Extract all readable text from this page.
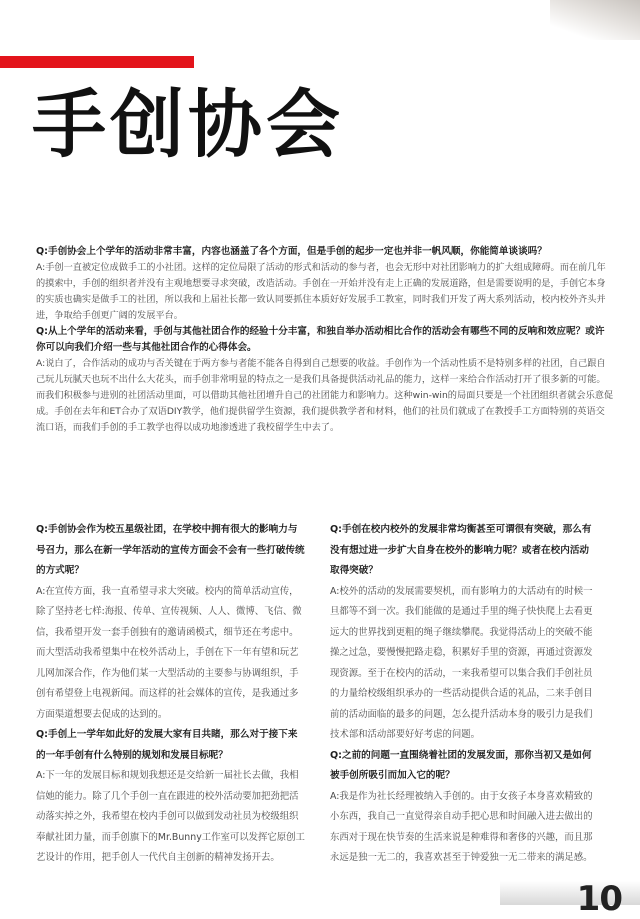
手创协会
Q:手创协会上个学年的活动非常丰富，内容也涵盖了各个方面，但是手创的起步一定也并非一帆风顺，你能简单谈谈吗？
A:手创一直被定位成做手工的小社团。这样的定位局限了活动的形式和活动的参与者，也会无形中对社团影响力的扩大组成障碍。而在前几年的摸索中，手创的组织者并没有主观地想要寻求突破，改造活动。手创在一开始并没有走上正确的发展道路，但是需要说明的是，手创它本身的实质也确实是做手工的社团，所以我和上届社长都一致认同要抓住本质好好发展手工教室，同时我们开发了两大系列活动，校内校外齐头并进，争取给手创更广阔的发展平台。
Q:从上个学年的活动来看，手创与其他社团合作的经验十分丰富，和独自举办活动相比合作的活动会有哪些不同的反响和效应呢？或许你可以向我们介绍一些与其他社团合作的心得体会。
A:说白了，合作活动的成功与否关键在于两方参与者能不能各自得到自己想要的收益。手创作为一个活动性质不是特别多样的社团，自己跟自己玩儿玩腻天也玩不出什么大花头，而手创非常明显的特点之一是我们具备提供活动礼品的能力，这样一来给合作活动打开了很多新的可能。而我们积极参与进别的社团活动里面，可以借助其他社团增升自己的社团能力和影响力。这种win-win的局面只要是一个社团组织者就会乐意促成。手创在去年和ET合办了双语DIY教学，他们提供留学生资源，我们提供教学者和材料，他们的社员们就成了在教授手工方面特别的英语交流口语，而我们手创的手工教学也得以成功地渗透进了我校留学生中去了。
Q:手创协会作为校五星级社团，在学校中拥有很大的影响力与号召力，那么在新一学年活动的宣传方面会不会有一些打破传统的方式呢？
A:在宣传方面，我一直希望寻求大突破。校内的简单活动宣传，除了坚持老七样:海报、传单、宣传视频、人人、微博、飞信、微信，我希望开发一套手创独有的邀请函模式，细节还在考虑中。而大型活动我希望集中在校外活动上，手创在下一年有望和玩艺儿网加深合作，作为他们某一大型活动的主要参与协调组织，手创有希望登上电视新闻。而这样的社会媒体的宣传，是我通过多方面渠道想要去促成的达到的。
Q:手创上一学年如此好的发展大家有目共睹，那么对于接下来的一年手创有什么特别的规划和发展目标呢？
A:下一年的发展目标和规划我想还是交给新一届社长去做，我相信她的能力。除了几个手创一直在跟进的校外活动要加把劲把活动落实掉之外，我希望在校内手创可以做到发动社员为校级组织奉献社团力量，而手创旗下的Mr.Bunny工作室可以发挥它原创工艺设计的作用，把手创人一代代自主创新的精神发扬开去。
Q:手创在校内校外的发展非常均衡甚至可谓很有突破，那么有没有想过进一步扩大自身在校外的影响力呢？或者在校内活动取得突破？
A:校外的活动的发展需要契机，而有影响力的大活动有的时候一旦都等不到一次。我们能做的是通过手里的绳子快快爬上去看更远大的世界找到更粗的绳子继续攀爬。我觉得活动上的突破不能操之过急，要慢慢把路走稳，积累好手里的资源，再通过资源发现资源。至于在校内的活动，一来我希望可以集合我们手创社员的力量给校级组织承办的一些活动提供合适的礼品，二来手创目前的活动面临的最多的问题，怎么提升活动本身的吸引力是我们技术部和活动部要好好考虑的问题。
Q:之前的问题一直围绕着社团的发展发面，那你当初又是如何被手创所吸引而加入它的呢？
A:我是作为社长经理被纳入手创的。由于女孩子本身喜欢精致的小东西，我自己一直觉得亲自动手把心思和时间融入进去做出的东西对于现在快节奏的生活来说是种难得和奢侈的兴趣，而且那永远是独一无二的，我喜欢甚至于钟爱独一无二带来的满足感。
10
